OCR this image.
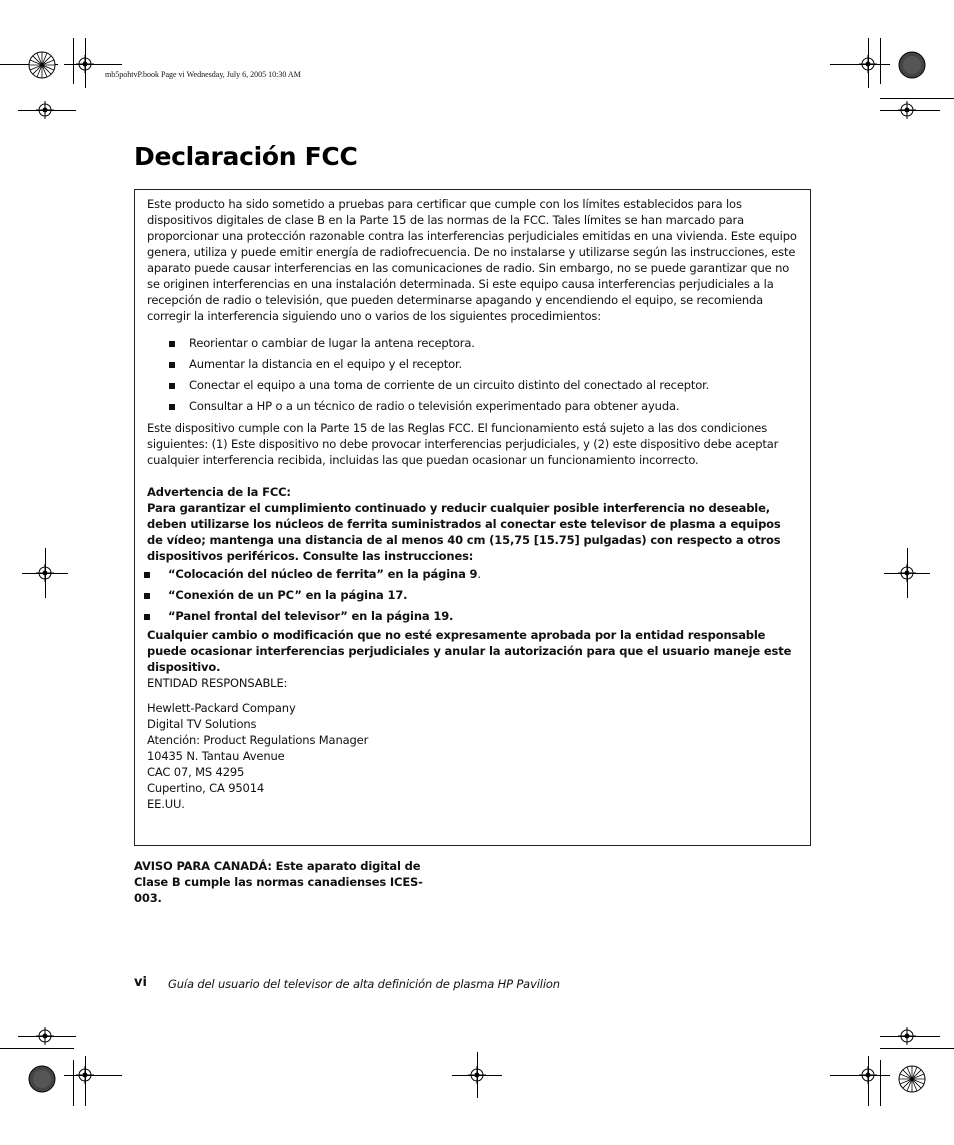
mb5pohtvP.book Page vi Wednesday, July 6, 2005 10:30 AM
Declaración FCC

Este producto ha sido sometido a pruebas para certificar que cumple con los límites establecidos para los dispositivos digitales de clase B en la Parte 15 de las normas de la FCC. Tales límites se han marcado para proporcionar una protección razonable contra las interferencias perjudiciales emitidas en una vivienda. Este equipo genera, utiliza y puede emitir energía de radiofrecuencia. De no instalarse y utilizarse según las instrucciones, este aparato puede causar interferencias en las comunicaciones de radio. Sin embargo, no se puede garantizar que no se originen interferencias en una instalación determinada. Si este equipo causa interferencias perjudiciales a la recepción de radio o televisión, que pueden determinarse apagando y encendiendo el equipo, se recomienda corregir la interferencia siguiendo uno o varios de los siguientes procedimientos:

Reorientar o cambiar de lugar la antena receptora.
Aumentar la distancia en el equipo y el receptor.
Conectar el equipo a una toma de corriente de un circuito distinto del conectado al receptor.
Consultar a HP o a un técnico de radio o televisión experimentado para obtener ayuda.

Este dispositivo cumple con la Parte 15 de las Reglas FCC. El funcionamiento está sujeto a las dos condiciones siguientes: (1) Este dispositivo no debe provocar interferencias perjudiciales, y (2) este dispositivo debe aceptar cualquier interferencia recibida, incluidas las que puedan ocasionar un funcionamiento incorrecto.

Advertencia de la FCC:
Para garantizar el cumplimiento continuado y reducir cualquier posible interferencia no deseable, deben utilizarse los núcleos de ferrita suministrados al conectar este televisor de plasma a equipos de vídeo; mantenga una distancia de al menos 40 cm (15,75 [15.75] pulgadas) con respecto a otros dispositivos periféricos. Consulte las instrucciones:
“Colocación del núcleo de ferrita” en la página 9.
“Conexión de un PC” en la página 17.
“Panel frontal del televisor” en la página 19.

Cualquier cambio o modificación que no esté expresamente aprobada por la entidad responsable puede ocasionar interferencias perjudiciales y anular la autorización para que el usuario maneje este dispositivo.

ENTIDAD RESPONSABLE:

Hewlett-Packard Company
Digital TV Solutions
Atención: Product Regulations Manager
10435 N. Tantau Avenue
CAC 07, MS 4295
Cupertino, CA 95014
EE.UU.
AVISO PARA CANADÁ: Este aparato digital de Clase B cumple las normas canadienses ICES-003.
vi Guía del usuario del televisor de alta definición de plasma HP Pavilion
